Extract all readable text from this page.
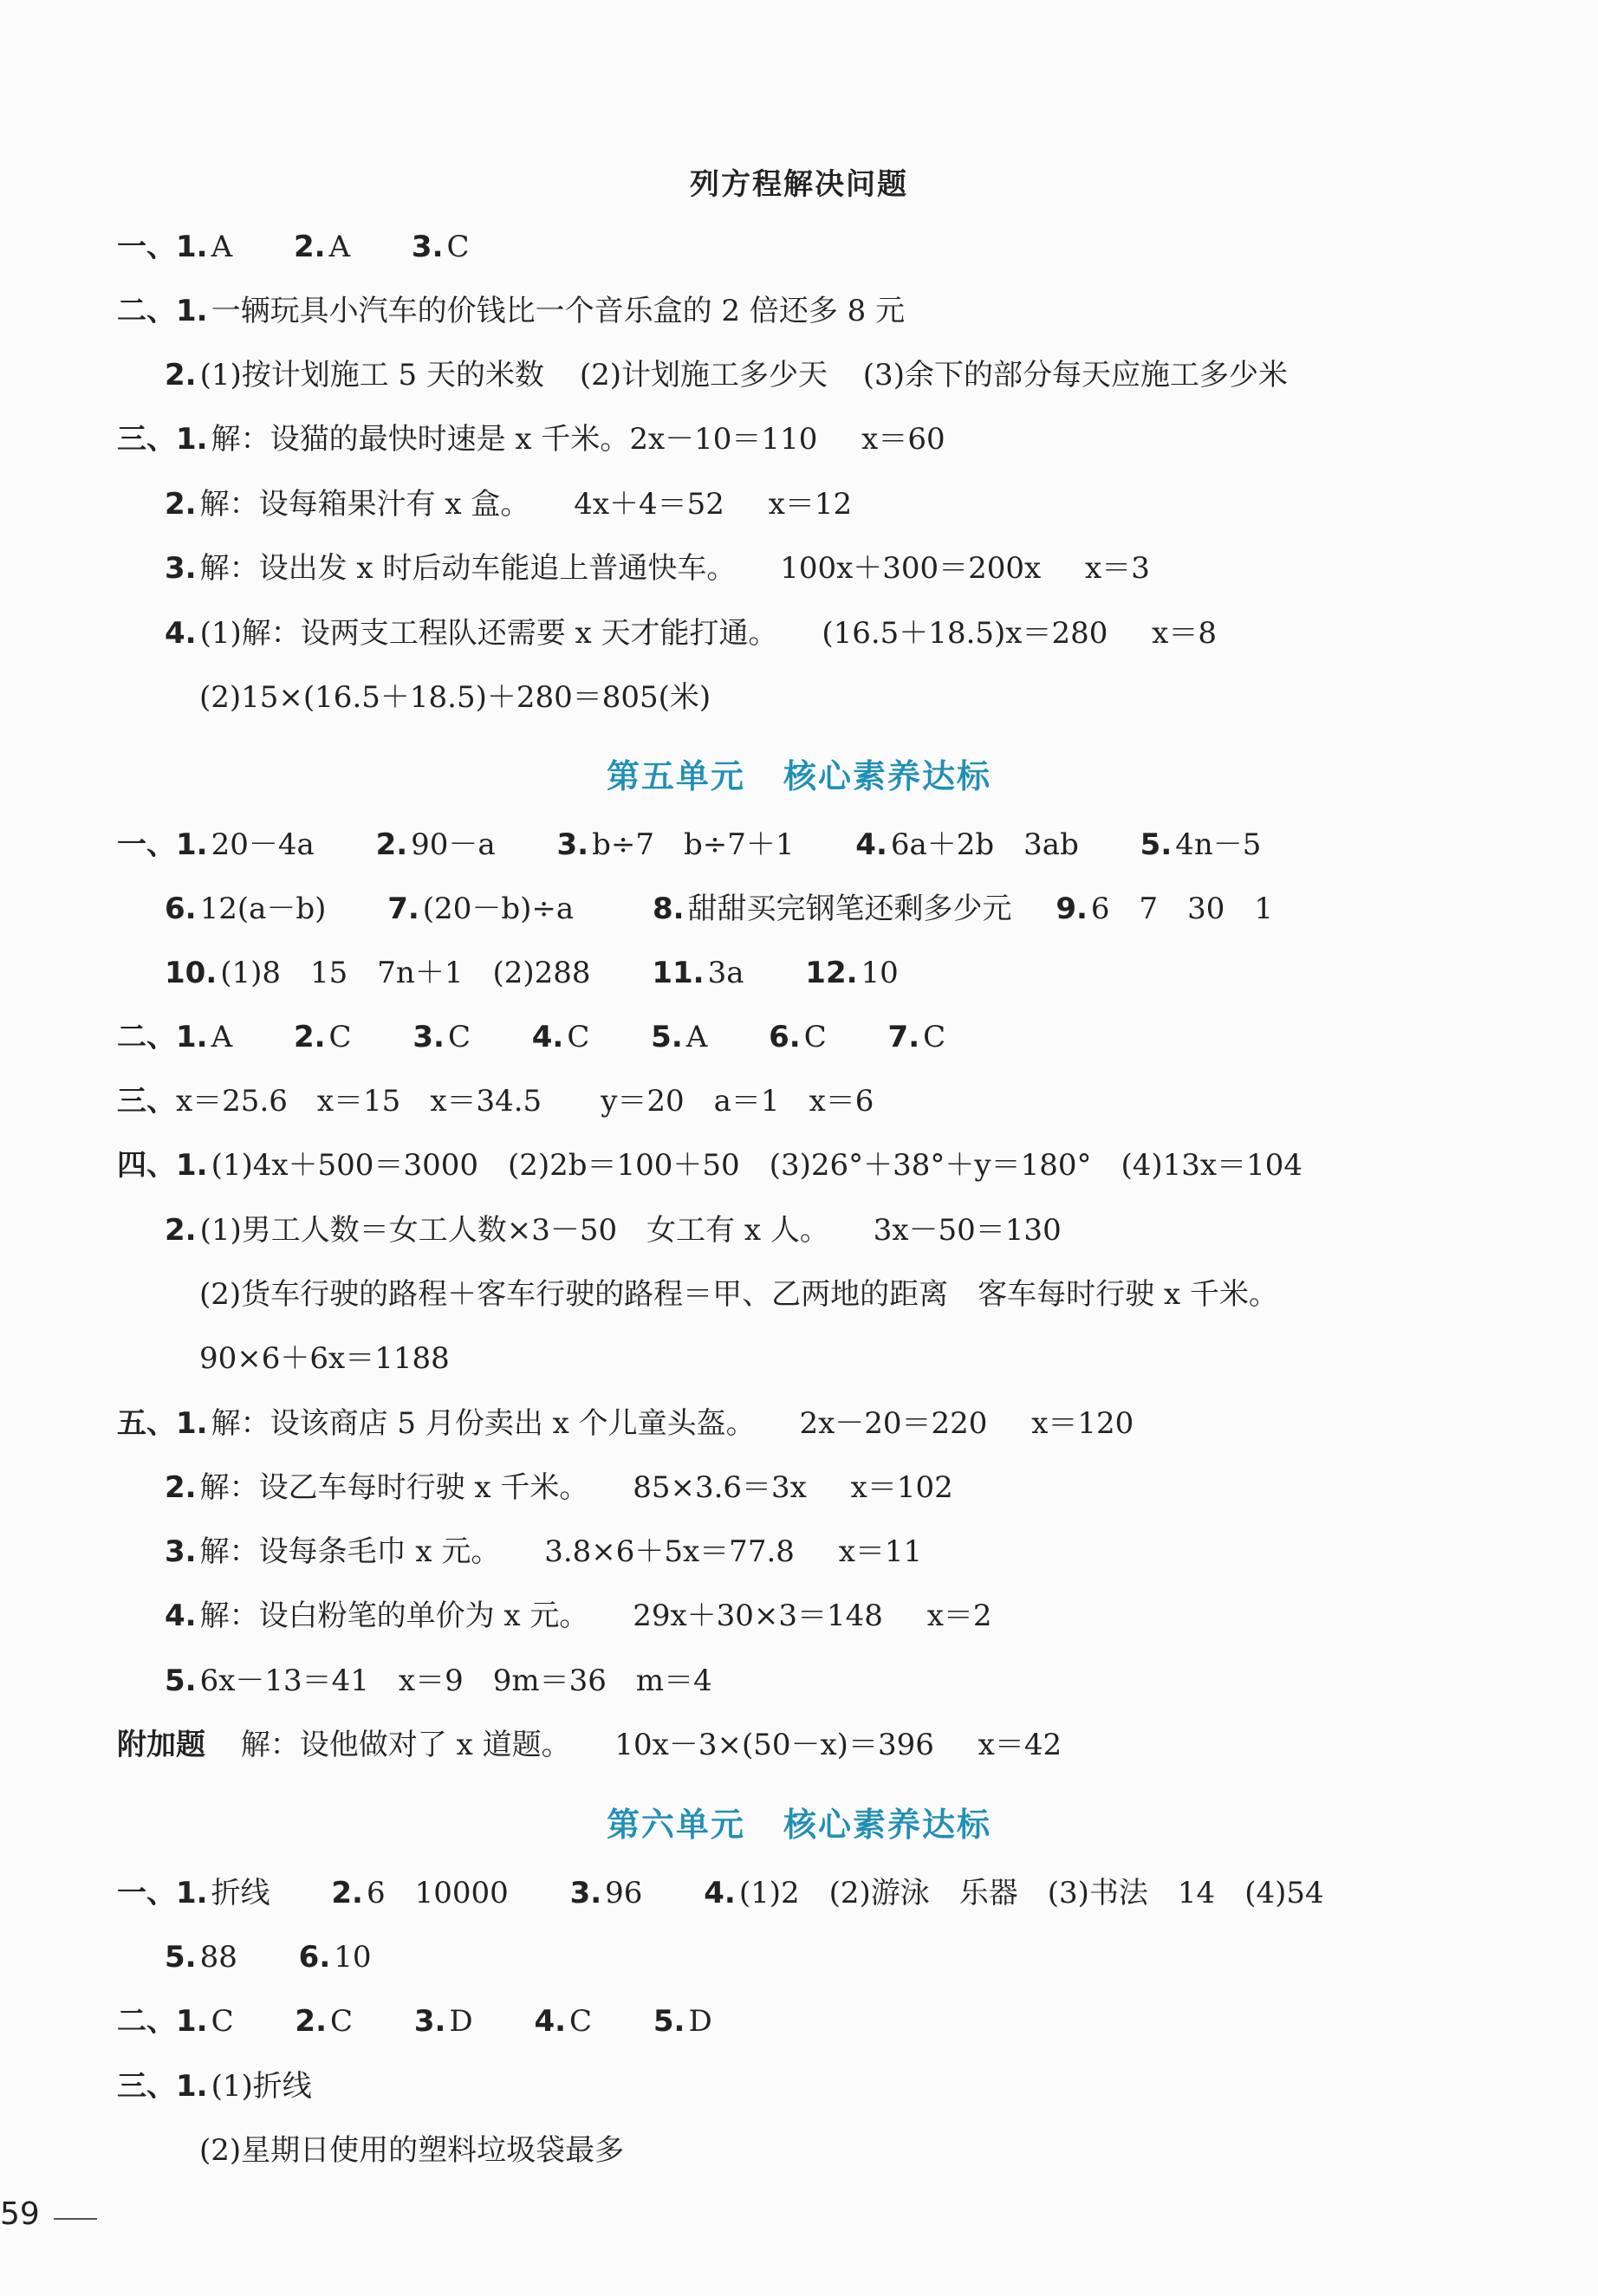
列方程解决问题
一、1. A 2. A 3. C
二、1. 一辆玩具小汽车的价钱比一个音乐盒的 2 倍还多 8 元
2. (1)按计划施工 5 天的米数 (2)计划施工多少天 (3)余下的部分每天应施工多少米
三、1. 解：设猫的最快时速是 x 千米。2x－10＝110 x＝60
2. 解：设每箱果汁有 x 盒。 4x＋4＝52 x＝12
3. 解：设出发 x 时后动车能追上普通快车。 100x＋300＝200x x＝3
4. (1)解：设两支工程队还需要 x 天才能打通。 (16.5＋18.5)x＝280 x＝8
(2)15×(16.5＋18.5)＋280＝805(米)
第五单元 核心素养达标
一、1. 20－4a 2. 90－a 3. b÷7　b÷7＋1 4. 6a＋2b　3ab 5. 4n－5
6. 12(a－b) 7. (20－b)÷a	8. 甜甜买完钢笔还剩多少元 9. 6　7　30　1
10. (1)8　15　7n＋1　(2)288 11. 3a 12. 10
二、1. A 2. C 3. C 4. C 5. A 6. C 7. C
三、x＝25.6　x＝15　x＝34.5　　y＝20　a＝1　x＝6
四、1. (1)4x＋500＝3000　(2)2b＝100＋50　(3)26°＋38°＋y＝180°　(4)13x＝104
2. (1)男工人数＝女工人数×3－50　女工有 x 人。 3x－50＝130
(2)货车行驶的路程＋客车行驶的路程＝甲、乙两地的距离　客车每时行驶 x 千米。
90×6＋6x＝1188
五、1. 解：设该商店 5 月份卖出 x 个儿童头盔。 2x－20＝220 x＝120
2. 解：设乙车每时行驶 x 千米。 85×3.6＝3x x＝102
3. 解：设每条毛巾 x 元。 3.8×6＋5x＝77.8 x＝11
4. 解：设白粉笔的单价为 x 元。 29x＋30×3＝148 x＝2
5. 6x－13＝41　x＝9　9m＝36　m＝4
附加题 解：设他做对了 x 道题。 10x－3×(50－x)＝396 x＝42
第六单元 核心素养达标
一、1. 折线 2. 6　10000 3. 96 4. (1)2　(2)游泳　乐器　(3)书法　14　(4)54
5. 88 6. 10
二、1. C 2. C 3. D 4. C 5. D
三、1. (1)折线
(2)星期日使用的塑料垃圾袋最多
59
